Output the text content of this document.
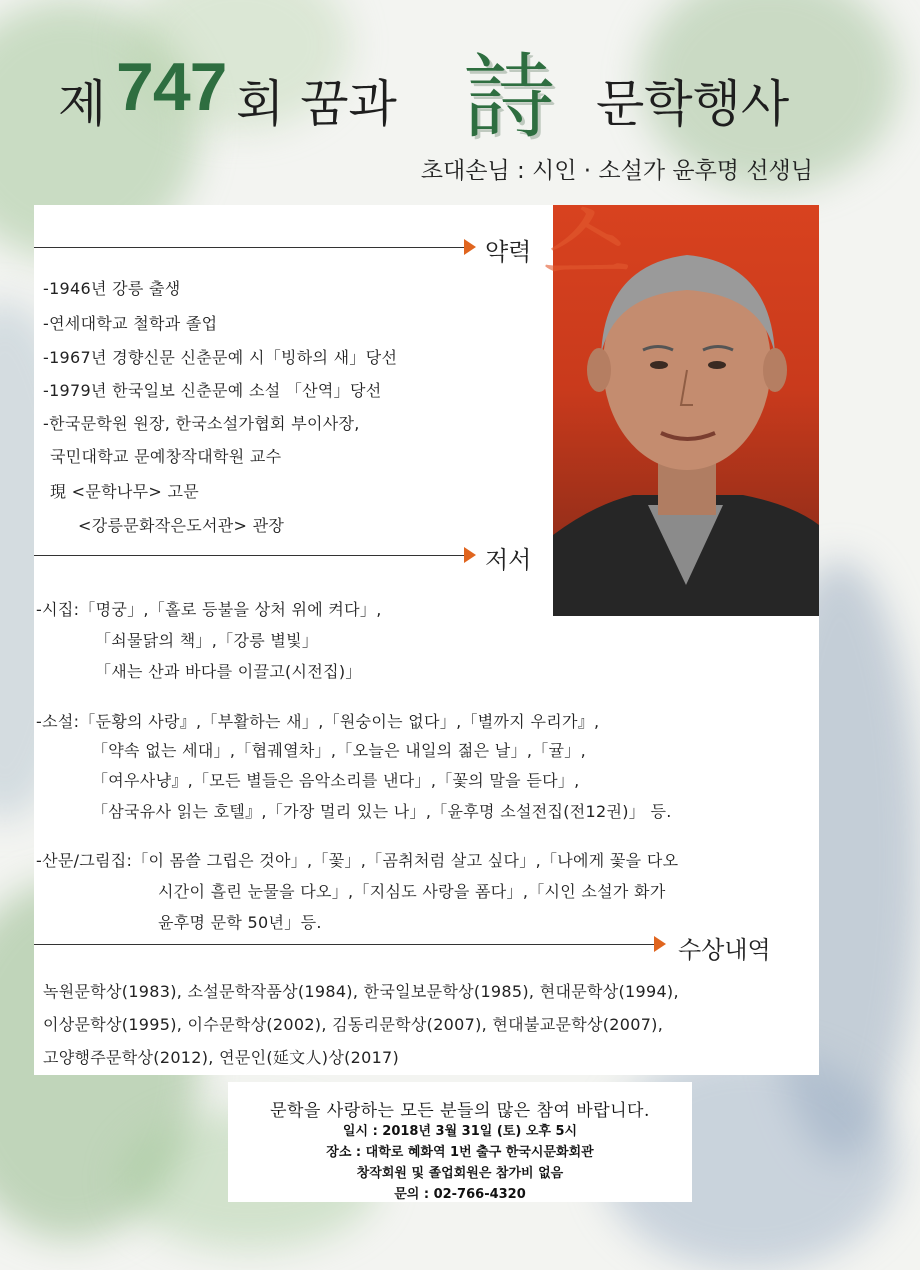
제 747 회 꿈과 詩 문학행사
초대손님 : 시인 · 소설가 윤후명 선생님
스
약력
-1946년 강릉 출생
-연세대학교 철학과 졸업
-1967년 경향신문 신춘문예 시「빙하의 새」당선
-1979년 한국일보 신춘문예 소설 「산역」당선
-한국문학원 원장, 한국소설가협회 부이사장,
국민대학교 문예창작대학원 교수
現 <문학나무> 고문
<강릉문화작은도서관> 관장
저서
-시집:「명궁」,「홀로 등불을 상처 위에 켜다」,
「쇠물닭의 책」,「강릉 별빛」
「새는 산과 바다를 이끌고(시전집)」
-소설:「둔황의 사랑』,「부활하는 새」,「원숭이는 없다」,「별까지 우리가』,
「약속 없는 세대」,「협궤열차」,「오늘은 내일의 젊은 날」,「귤」,
「여우사냥』,「모든 별들은 음악소리를 낸다」,「꽃의 말을 듣다」,
「삼국유사 읽는 호텔』,「가장 멀리 있는 나」,「윤후명 소설전집(전12권)」 등.
-산문/그림집:「이 몸쓸 그립은 것아」,「꽃」,「곰취처럼 살고 싶다」,「나에게 꽃을 다오
시간이 흘린 눈물을 다오」,「지심도 사랑을 폼다」,「시인 소설가 화가
윤후명 문학 50년」등.
수상내역
녹원문학상(1983), 소설문학작품상(1984), 한국일보문학상(1985), 현대문학상(1994),
이상문학상(1995), 이수문학상(2002), 김동리문학상(2007), 현대불교문학상(2007),
고양행주문학상(2012), 연문인(延文人)상(2017)
문학을 사랑하는 모든 분들의 많은 참여 바랍니다.
일시 : 2018년 3월 31일 (토) 오후 5시
장소 : 대학로 혜화역 1번 출구 한국시문화회관
창작회원 및 졸업회원은 참가비 없음
문의 : 02-766-4320
